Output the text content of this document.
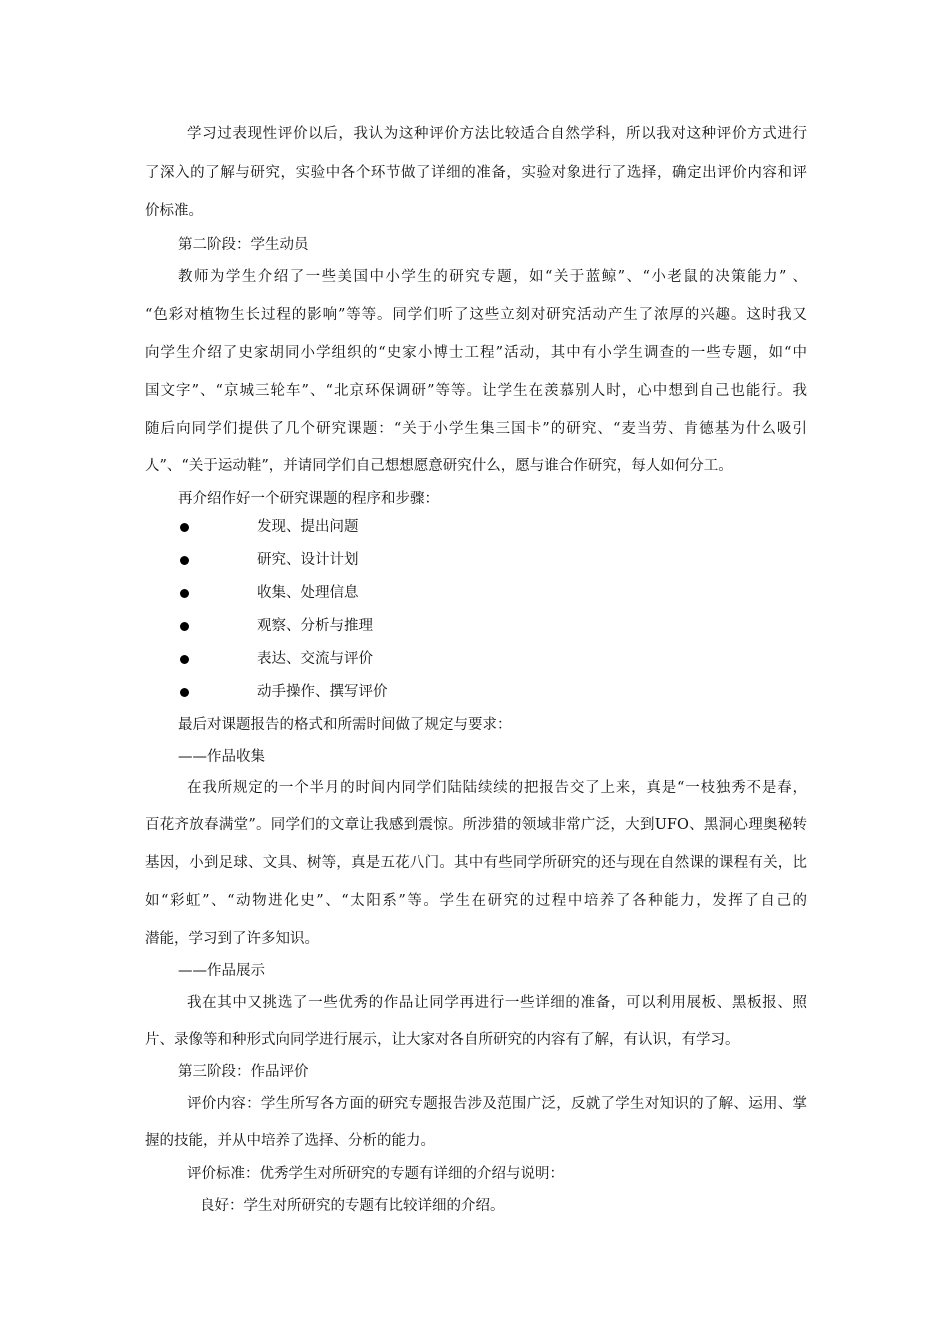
学习过表现性评价以后，我认为这种评价方法比较适合自然学科，所以我对这种评价方式进行
了深入的了解与研究，实验中各个环节做了详细的准备，实验对象进行了选择，确定出评价内容和评
价标准。
第二阶段：学生动员
教师为学生介绍了一些美国中小学生的研究专题，如“关于蓝鲸”、“小老鼠的决策能力” 、
“色彩对植物生长过程的影响”等等。同学们听了这些立刻对研究活动产生了浓厚的兴趣。这时我又
向学生介绍了史家胡同小学组织的“史家小博士工程”活动，其中有小学生调查的一些专题，如“中
国文字”、“京城三轮车”、“北京环保调研”等等。让学生在羡慕别人时，心中想到自己也能行。我
随后向同学们提供了几个研究课题：“关于小学生集三国卡”的研究、“麦当劳、肯德基为什么吸引
人”、“关于运动鞋”，并请同学们自己想想愿意研究什么，愿与谁合作研究，每人如何分工。
再介绍作好一个研究课题的程序和步骤：
发现、提出问题
研究、设计计划
收集、处理信息
观察、分析与推理
表达、交流与评价
动手操作、撰写评价
最后对课题报告的格式和所需时间做了规定与要求：
——作品收集
在我所规定的一个半月的时间内同学们陆陆续续的把报告交了上来，真是“一枝独秀不是春，
百花齐放春满堂”。同学们的文章让我感到震惊。所涉猎的领域非常广泛，大到UFO、黑洞心理奥秘转
基因，小到足球、文具、树等，真是五花八门。其中有些同学所研究的还与现在自然课的课程有关，比
如“彩虹”、“动物进化史”、“太阳系”等。学生在研究的过程中培养了各种能力，发挥了自己的
潜能，学习到了许多知识。
——作品展示
我在其中又挑选了一些优秀的作品让同学再进行一些详细的准备，可以利用展板、黑板报、照
片、录像等和种形式向同学进行展示，让大家对各自所研究的内容有了解，有认识，有学习。
第三阶段：作品评价
评价内容：学生所写各方面的研究专题报告涉及范围广泛，反就了学生对知识的了解、运用、掌
握的技能，并从中培养了选择、分析的能力。
评价标准：优秀学生对所研究的专题有详细的介绍与说明：
良好：学生对所研究的专题有比较详细的介绍。
